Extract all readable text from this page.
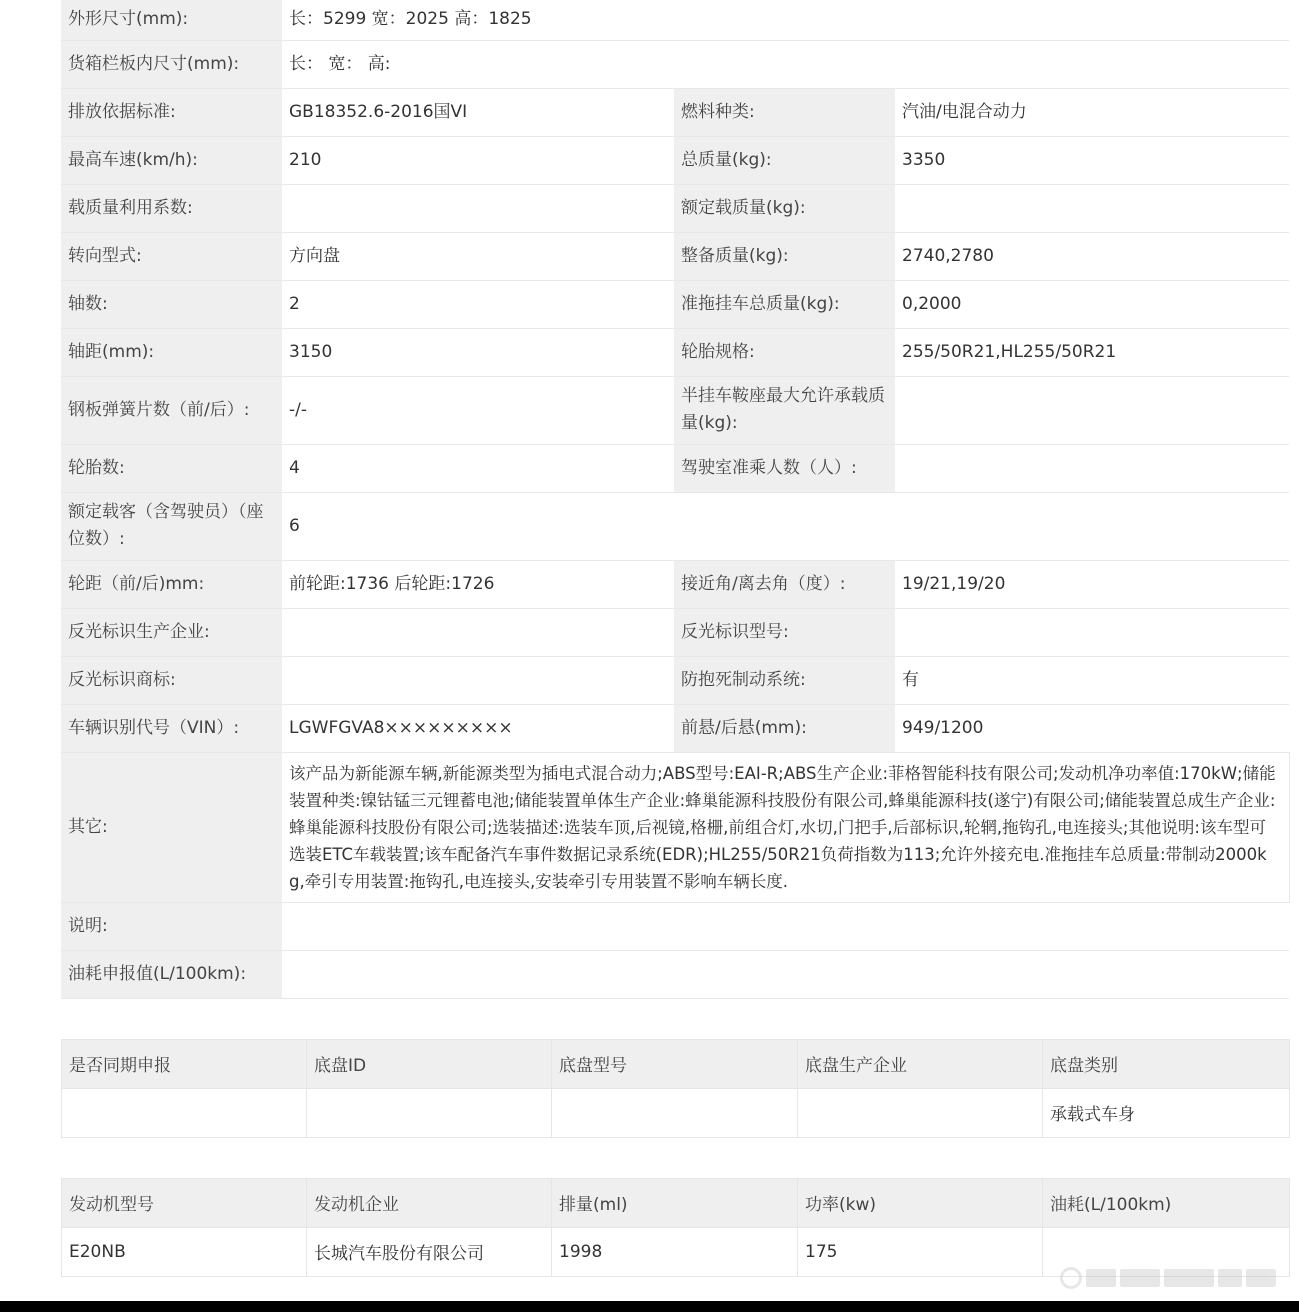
外形尺寸(mm):	长：5299 宽：2025 高：1825		
货箱栏板内尺寸(mm):	长： 宽： 高:		
排放依据标准:	GB18352.6-2016国VI	燃料种类:	汽油/电混合动力
最高车速(km/h):	210	总质量(kg):	3350
载质量利用系数:		额定载质量(kg):	
转向型式:	方向盘	整备质量(kg):	2740,2780
轴数:	2	准拖挂车总质量(kg):	0,2000
轴距(mm):	3150	轮胎规格:	255/50R21,HL255/50R21
钢板弹簧片数（前/后）:	-/-	半挂车鞍座最大允许承载质量(kg):	
轮胎数:	4	驾驶室准乘人数（人）:	
额定载客（含驾驶员）（座位数）:	6		
轮距（前/后)mm:	前轮距:1736 后轮距:1726	接近角/离去角（度）:	19/21,19/20
反光标识生产企业:		反光标识型号:	
反光标识商标:		防抱死制动系统:	有
车辆识别代号（VIN）:	LGWFGVA8×××××××××	前悬/后悬(mm):	949/1200
其它:	该产品为新能源车辆,新能源类型为插电式混合动力;ABS型号:EAI-R;ABS生产企业:菲格智能科技有限公司;发动机净功率值:170kW;储能装置种类:镍钴锰三元锂蓄电池;储能装置单体生产企业:蜂巢能源科技股份有限公司,蜂巢能源科技(遂宁)有限公司;储能装置总成生产企业:蜂巢能源科技股份有限公司;选装描述:选装车顶,后视镜,格栅,前组合灯,水切,门把手,后部标识,轮辋,拖钩孔,电连接头;其他说明:该车型可选装ETC车载装置;该车配备汽车事件数据记录系统(EDR);HL255/50R21负荷指数为113;允许外接充电.准拖挂车总质量:带制动2000kg,牵引专用装置:拖钩孔,电连接头,安装牵引专用装置不影响车辆长度.		
说明:			
油耗申报值(L/100km):			
是否同期申报	底盘ID	底盘型号	底盘生产企业	底盘类别
				承载式车身
发动机型号	发动机企业	排量(ml)	功率(kw)	油耗(L/100km)
E20NB	长城汽车股份有限公司	1998	175	
